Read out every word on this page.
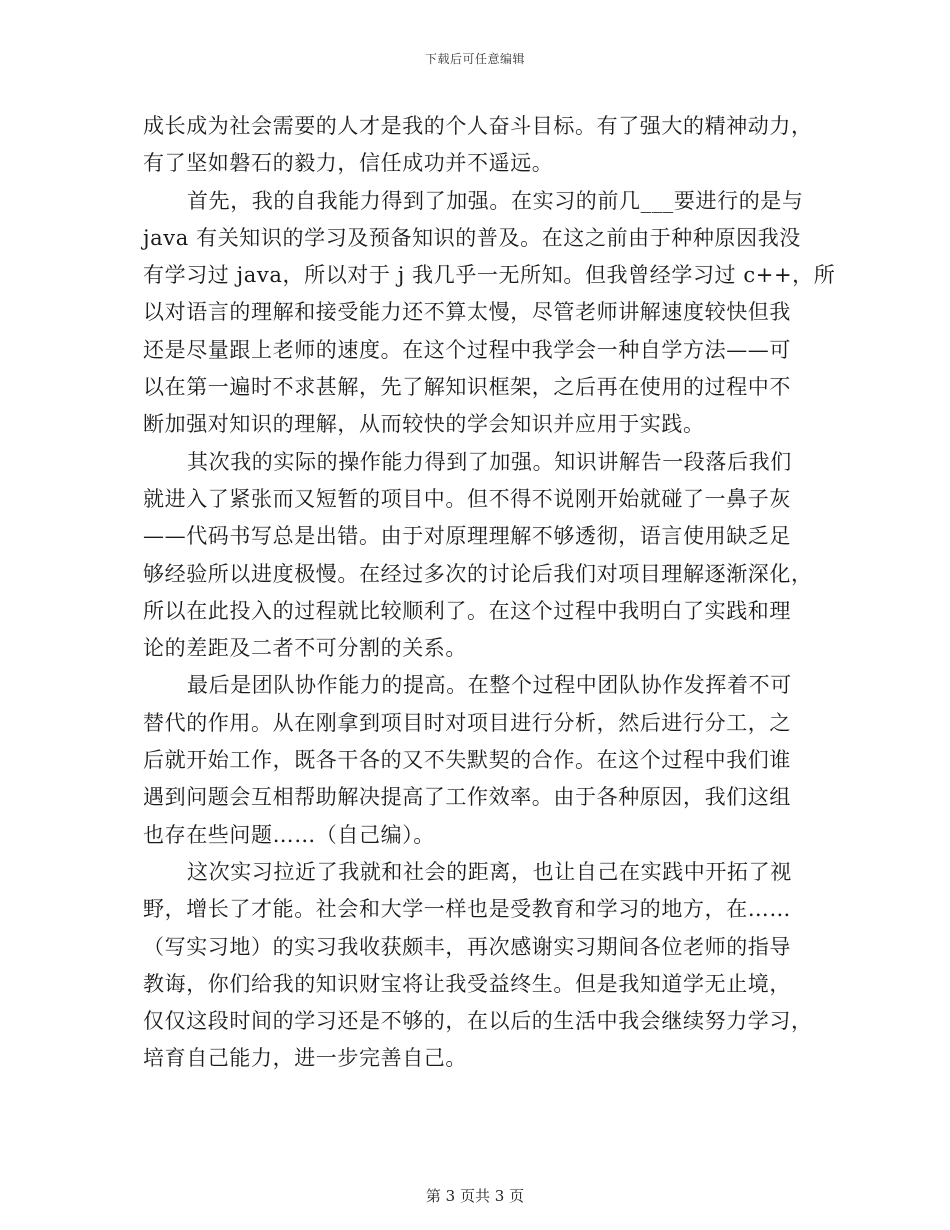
下载后可任意编辑
成长成为社会需要的人才是我的个人奋斗目标。有了强大的精神动力，
有了坚如磐石的毅力，信任成功并不遥远。
首先，我的自我能力得到了加强。在实习的前几___要进行的是与
java 有关知识的学习及预备知识的普及。在这之前由于种种原因我没
有学习过 java，所以对于 j 我几乎一无所知。但我曾经学习过 c++，所
以对语言的理解和接受能力还不算太慢，尽管老师讲解速度较快但我
还是尽量跟上老师的速度。在这个过程中我学会一种自学方法——可
以在第一遍时不求甚解，先了解知识框架，之后再在使用的过程中不
断加强对知识的理解，从而较快的学会知识并应用于实践。
其次我的实际的操作能力得到了加强。知识讲解告一段落后我们
就进入了紧张而又短暂的项目中。但不得不说刚开始就碰了一鼻子灰
——代码书写总是出错。由于对原理理解不够透彻，语言使用缺乏足
够经验所以进度极慢。在经过多次的讨论后我们对项目理解逐渐深化，
所以在此投入的过程就比较顺利了。在这个过程中我明白了实践和理
论的差距及二者不可分割的关系。
最后是团队协作能力的提高。在整个过程中团队协作发挥着不可
替代的作用。从在刚拿到项目时对项目进行分析，然后进行分工，之
后就开始工作，既各干各的又不失默契的合作。在这个过程中我们谁
遇到问题会互相帮助解决提高了工作效率。由于各种原因，我们这组
也存在些问题……（自己编）。
这次实习拉近了我就和社会的距离，也让自己在实践中开拓了视
野，增长了才能。社会和大学一样也是受教育和学习的地方，在……
（写实习地）的实习我收获颇丰，再次感谢实习期间各位老师的指导
教诲，你们给我的知识财宝将让我受益终生。但是我知道学无止境，
仅仅这段时间的学习还是不够的，在以后的生活中我会继续努力学习，
培育自己能力，进一步完善自己。
第 3 页共 3 页
